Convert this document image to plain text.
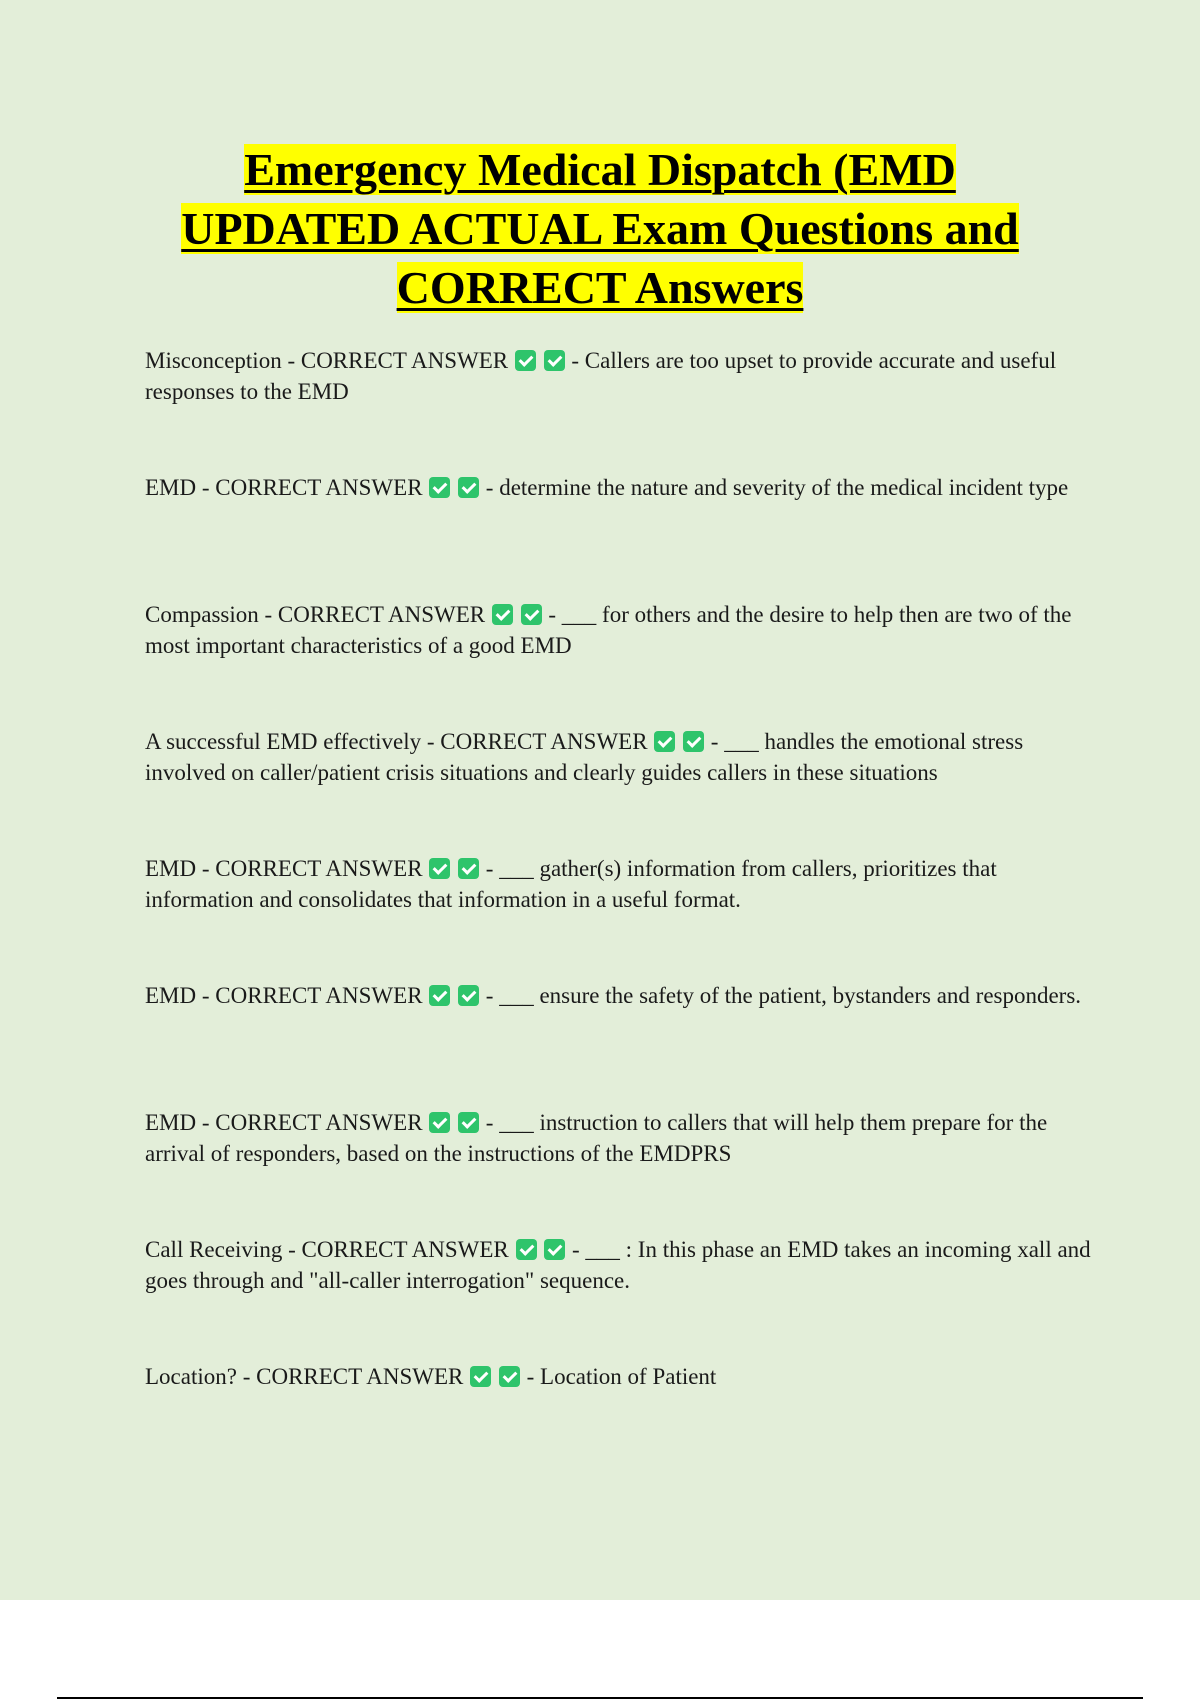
Emergency Medical Dispatch (EMD
UPDATED ACTUAL Exam Questions and
CORRECT Answers
Misconception - CORRECT ANSWER	- Callers are too upset to provide accurate and useful responses to the EMD
EMD - CORRECT ANSWER	- determine the nature and severity of the medical incident type
Compassion - CORRECT ANSWER	- ___ for others and the desire to help then are two of the most important characteristics of a good EMD
A successful EMD effectively - CORRECT ANSWER	- ___ handles the emotional stress involved on caller/patient crisis situations and clearly guides callers in these situations
EMD - CORRECT ANSWER	- ___ gather(s) information from callers, prioritizes that information and consolidates that information in a useful format.
EMD - CORRECT ANSWER	- ___ ensure the safety of the patient, bystanders and responders.
EMD - CORRECT ANSWER	- ___ instruction to callers that will help them prepare for the arrival of responders, based on the instructions of the EMDPRS
Call Receiving - CORRECT ANSWER	- ___ : In this phase an EMD takes an incoming xall and goes through and "all-caller interrogation" sequence.
Location? - CORRECT ANSWER	- Location of Patient
